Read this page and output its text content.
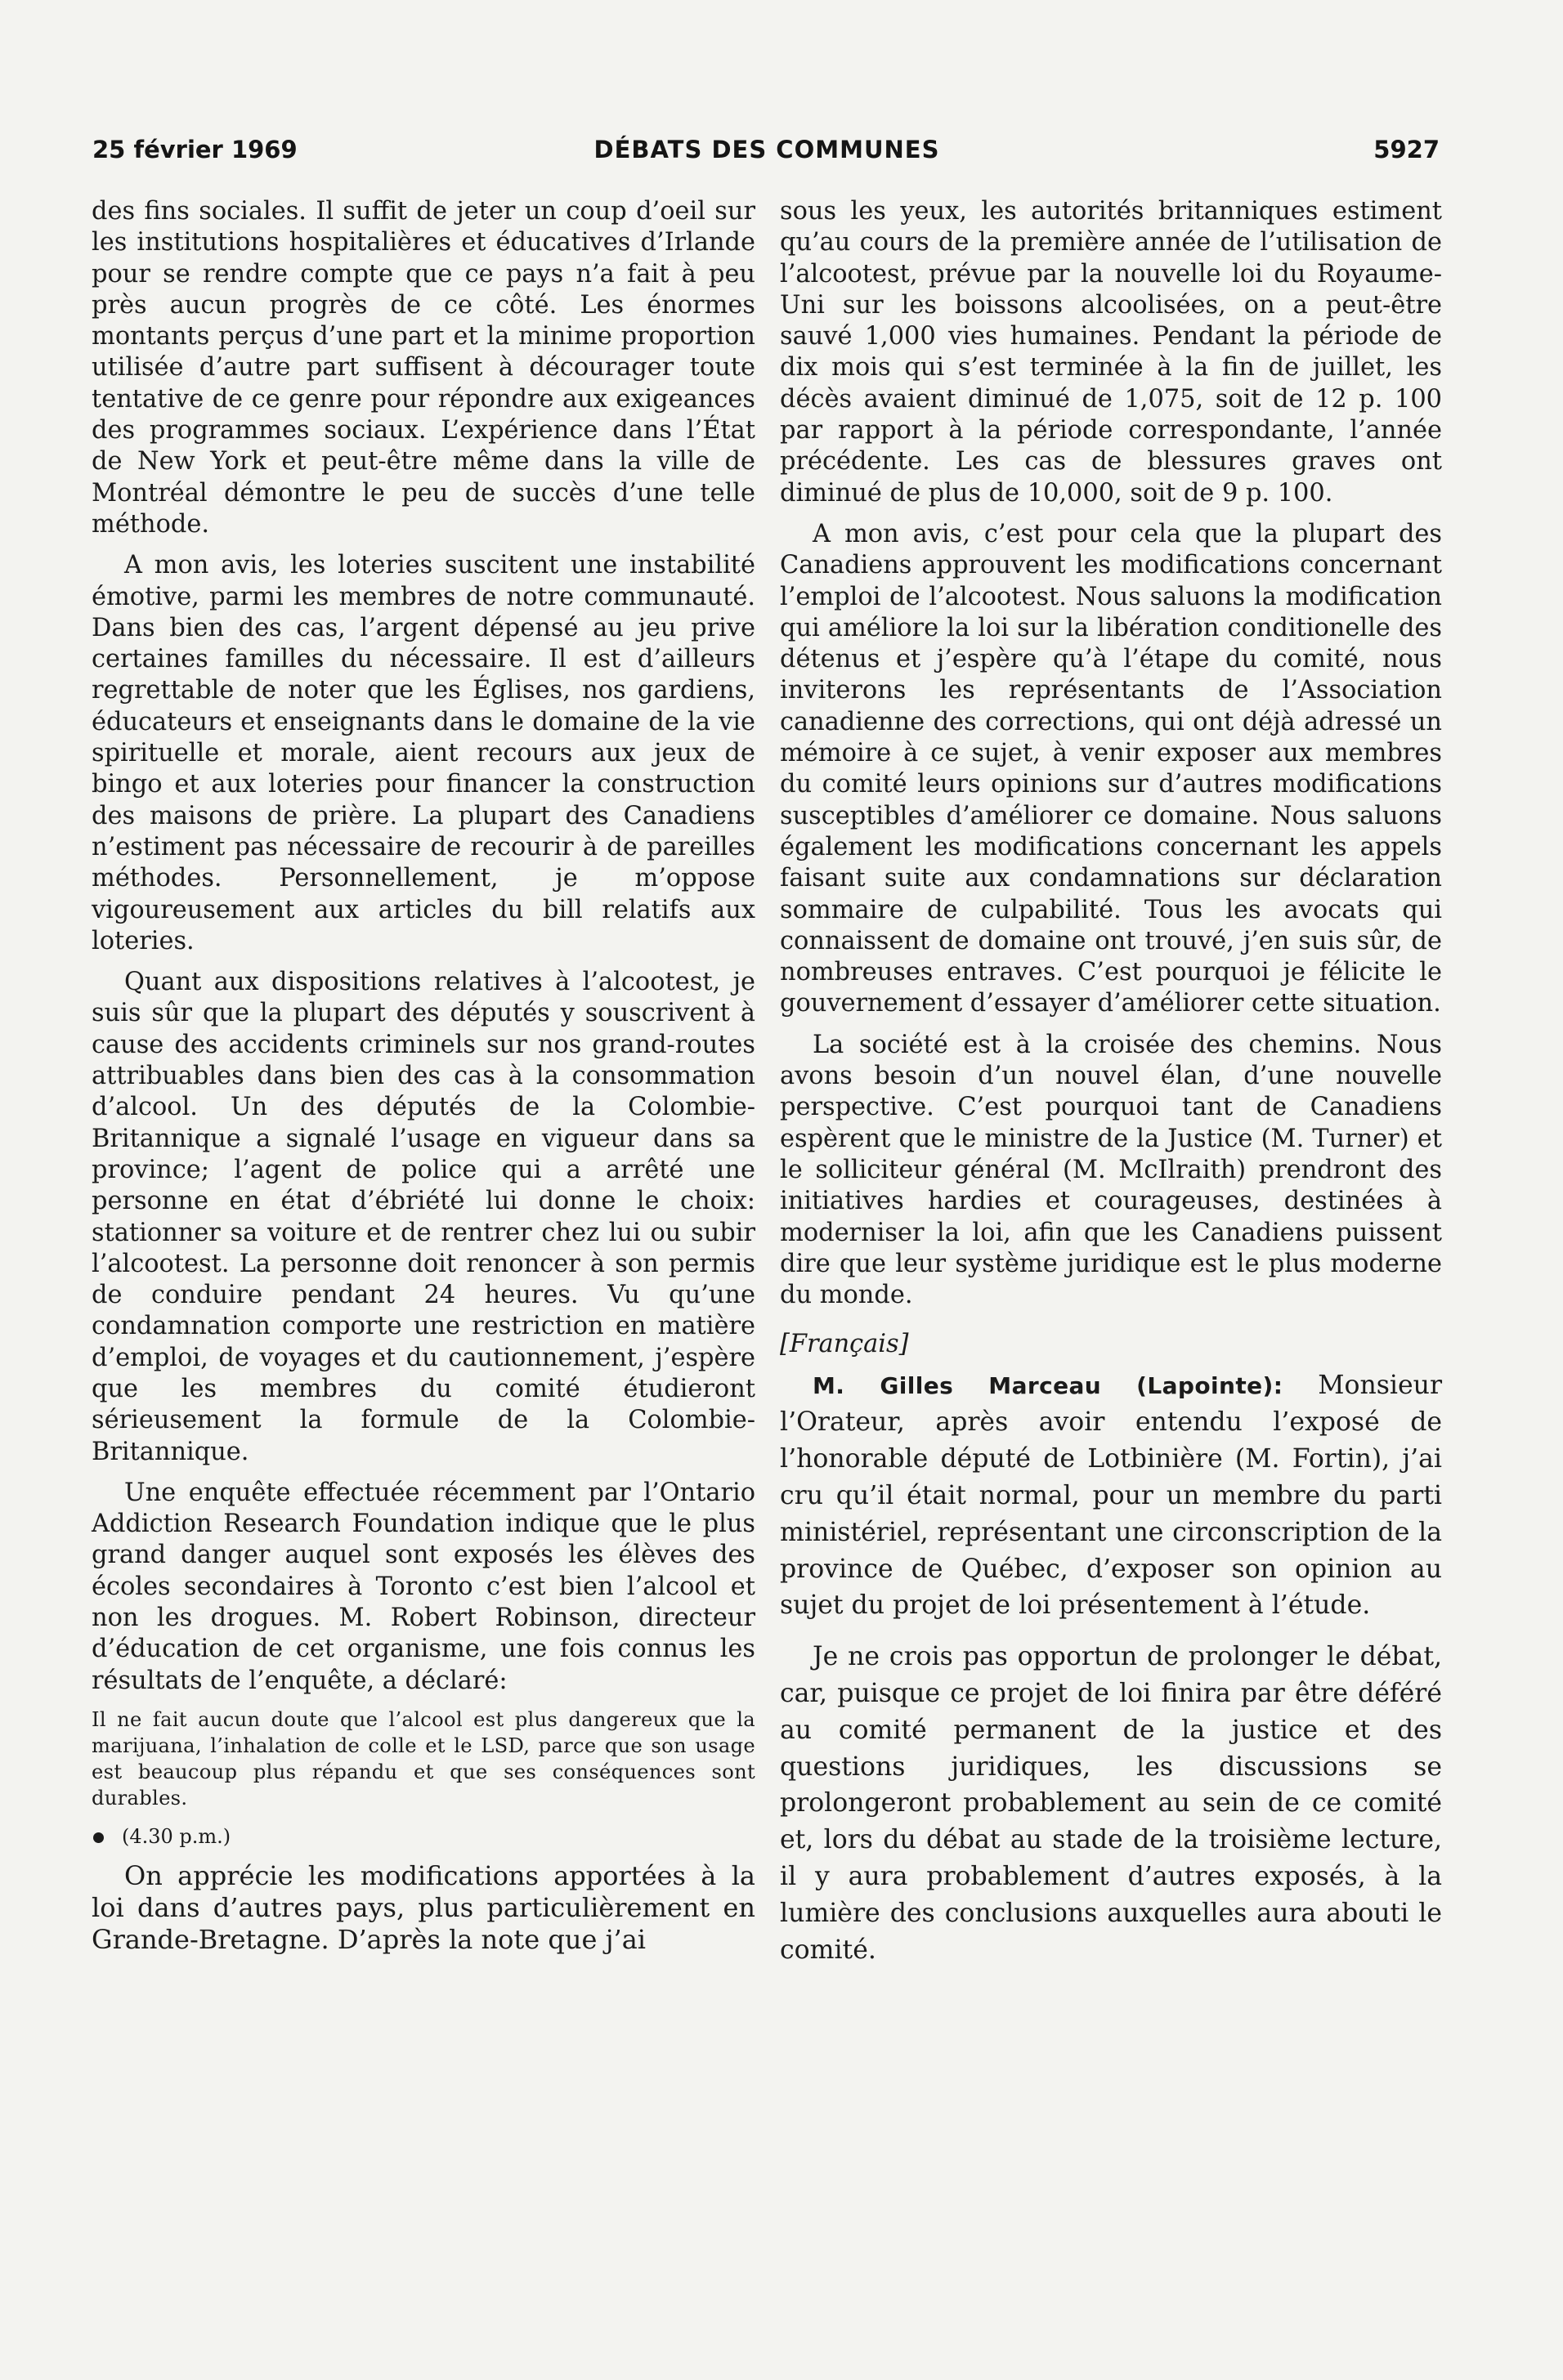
25 février 1969	DÉBATS DES COMMUNES	5927

des fins sociales. Il suffit de jeter un coup d’oeil sur les institutions hospitalières et éducatives d’Irlande pour se rendre compte que ce pays n’a fait à peu près aucun progrès de ce côté. Les énormes montants perçus d’une part et la minime proportion utilisée d’autre part suffisent à décourager toute tentative de ce genre pour répondre aux exigeances des programmes sociaux. L’expérience dans l’État de New York et peut-être même dans la ville de Montréal démontre le peu de succès d’une telle méthode.

A mon avis, les loteries suscitent une instabilité émotive, parmi les membres de notre communauté. Dans bien des cas, l’argent dépensé au jeu prive certaines familles du nécessaire. Il est d’ailleurs regrettable de noter que les Églises, nos gardiens, éducateurs et enseignants dans le domaine de la vie spirituelle et morale, aient recours aux jeux de bingo et aux loteries pour financer la construction des maisons de prière. La plupart des Canadiens n’estiment pas nécessaire de recourir à de pareilles méthodes. Personnellement, je m’oppose vigoureusement aux articles du bill relatifs aux loteries.

Quant aux dispositions relatives à l’alcootest, je suis sûr que la plupart des députés y souscrivent à cause des accidents criminels sur nos grand-routes attribuables dans bien des cas à la consommation d’alcool. Un des députés de la Colombie-Britannique a signalé l’usage en vigueur dans sa province; l’agent de police qui a arrêté une personne en état d’ébriété lui donne le choix: stationner sa voiture et de rentrer chez lui ou subir l’alcootest. La personne doit renoncer à son permis de conduire pendant 24 heures. Vu qu’une condamnation comporte une restriction en matière d’emploi, de voyages et du cautionnement, j’espère que les membres du comité étudieront sérieusement la formule de la Colombie-Britannique.

Une enquête effectuée récemment par l’Ontario Addiction Research Foundation indique que le plus grand danger auquel sont exposés les élèves des écoles secondaires à Toronto c’est bien l’alcool et non les drogues. M. Robert Robinson, directeur d’éducation de cet organisme, une fois connus les résultats de l’enquête, a déclaré:

Il ne fait aucun doute que l’alcool est plus dangereux que la marijuana, l’inhalation de colle et le LSD, parce que son usage est beaucoup plus répandu et que ses conséquences sont durables.

(4.30 p.m.)

On apprécie les modifications apportées à la loi dans d’autres pays, plus particulièrement en Grande-Bretagne. D’après la note que j’ai

sous les yeux, les autorités britanniques estiment qu’au cours de la première année de l’utilisation de l’alcootest, prévue par la nouvelle loi du Royaume-Uni sur les boissons alcoolisées, on a peut-être sauvé 1,000 vies humaines. Pendant la période de dix mois qui s’est terminée à la fin de juillet, les décès avaient diminué de 1,075, soit de 12 p. 100 par rapport à la période correspondante, l’année précédente. Les cas de blessures graves ont diminué de plus de 10,000, soit de 9 p. 100.

A mon avis, c’est pour cela que la plupart des Canadiens approuvent les modifications concernant l’emploi de l’alcootest. Nous saluons la modification qui améliore la loi sur la libération conditionelle des détenus et j’espère qu’à l’étape du comité, nous inviterons les représentants de l’Association canadienne des corrections, qui ont déjà adressé un mémoire à ce sujet, à venir exposer aux membres du comité leurs opinions sur d’autres modifications susceptibles d’améliorer ce domaine. Nous saluons également les modifications concernant les appels faisant suite aux condamnations sur déclaration sommaire de culpabilité. Tous les avocats qui connaissent de domaine ont trouvé, j’en suis sûr, de nombreuses entraves. C’est pourquoi je félicite le gouvernement d’essayer d’améliorer cette situation.

La société est à la croisée des chemins. Nous avons besoin d’un nouvel élan, d’une nouvelle perspective. C’est pourquoi tant de Canadiens espèrent que le ministre de la Justice (M. Turner) et le solliciteur général (M. McIlraith) prendront des initiatives hardies et courageuses, destinées à moderniser la loi, afin que les Canadiens puissent dire que leur système juridique est le plus moderne du monde.

[Français]

M. Gilles Marceau (Lapointe): Monsieur l’Orateur, après avoir entendu l’exposé de l’honorable député de Lotbinière (M. Fortin), j’ai cru qu’il était normal, pour un membre du parti ministériel, représentant une circonscription de la province de Québec, d’exposer son opinion au sujet du projet de loi présentement à l’étude.

Je ne crois pas opportun de prolonger le débat, car, puisque ce projet de loi finira par être déféré au comité permanent de la justice et des questions juridiques, les discussions se prolongeront probablement au sein de ce comité et, lors du débat au stade de la troisième lecture, il y aura probablement d’autres exposés, à la lumière des conclusions auxquelles aura abouti le comité.
